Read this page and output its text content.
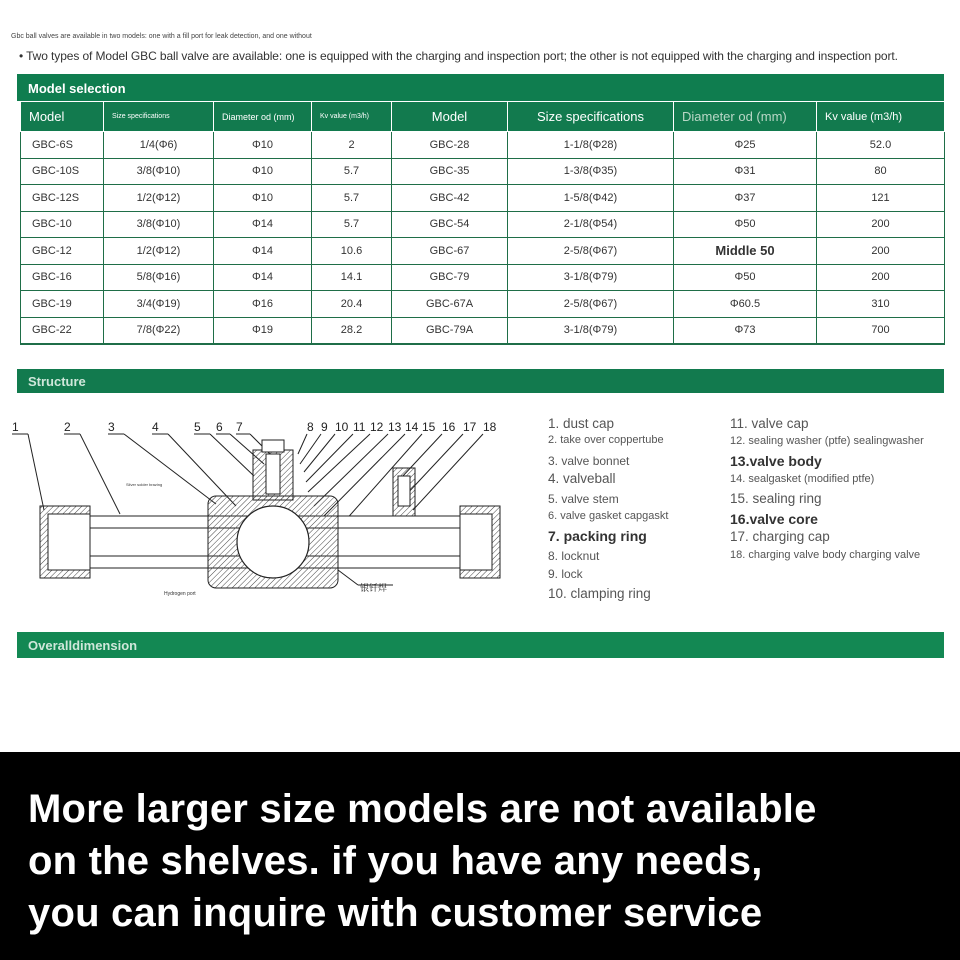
Gbc ball valves are available in two models: one with a fill port for leak detection, and one without
• Two types of Model GBC ball valve are available: one is equipped with the charging and inspection port; the other is not equipped with the charging and inspection port.
Model selection
Model	Size specifications	Diameter od (mm)	Kv value (m3/h)	Model	Size specifications	Diameter od (mm)	Kv value (m3/h)
GBC-6S	1/4(Φ6)	Φ10	2	GBC-28	1-1/8(Φ28)	Φ25	52.0
GBC-10S	3/8(Φ10)	Φ10	5.7	GBC-35	1-3/8(Φ35)	Φ31	80
GBC-12S	1/2(Φ12)	Φ10	5.7	GBC-42	1-5/8(Φ42)	Φ37	121
GBC-10	3/8(Φ10)	Φ14	5.7	GBC-54	2-1/8(Φ54)	Φ50	200
GBC-12	1/2(Φ12)	Φ14	10.6	GBC-67	2-5/8(Φ67)	Middle 50	200
GBC-16	5/8(Φ16)	Φ14	14.1	GBC-79	3-1/8(Φ79)	Φ50	200
GBC-19	3/4(Φ19)	Φ16	20.4	GBC-67A	2-5/8(Φ67)	Φ60.5	310
GBC-22	7/8(Φ22)	Φ19	28.2	GBC-79A	3-1/8(Φ79)	Φ73	700
Structure
1	2	3	4	5 6 7	8 9 10 11 12 13 14 15 16 17 18
Hydrogen port	银钎焊
Silver solder brazing
1. dust cap
2. take over coppertube
3. valve bonnet
4. valveball
5. valve stem
6. valve gasket capgaskt
7. packing ring
8. locknut
9. lock
10. clamping ring
11. valve cap
12. sealing washer (ptfe) sealingwasher
13.valve body
14. sealgasket (modified ptfe)
15. sealing ring
16.valve core
17. charging cap
18. charging valve body charging valve
Overalldimension
More larger size models are not available
on the shelves. if you have any needs,
you can inquire with customer service
